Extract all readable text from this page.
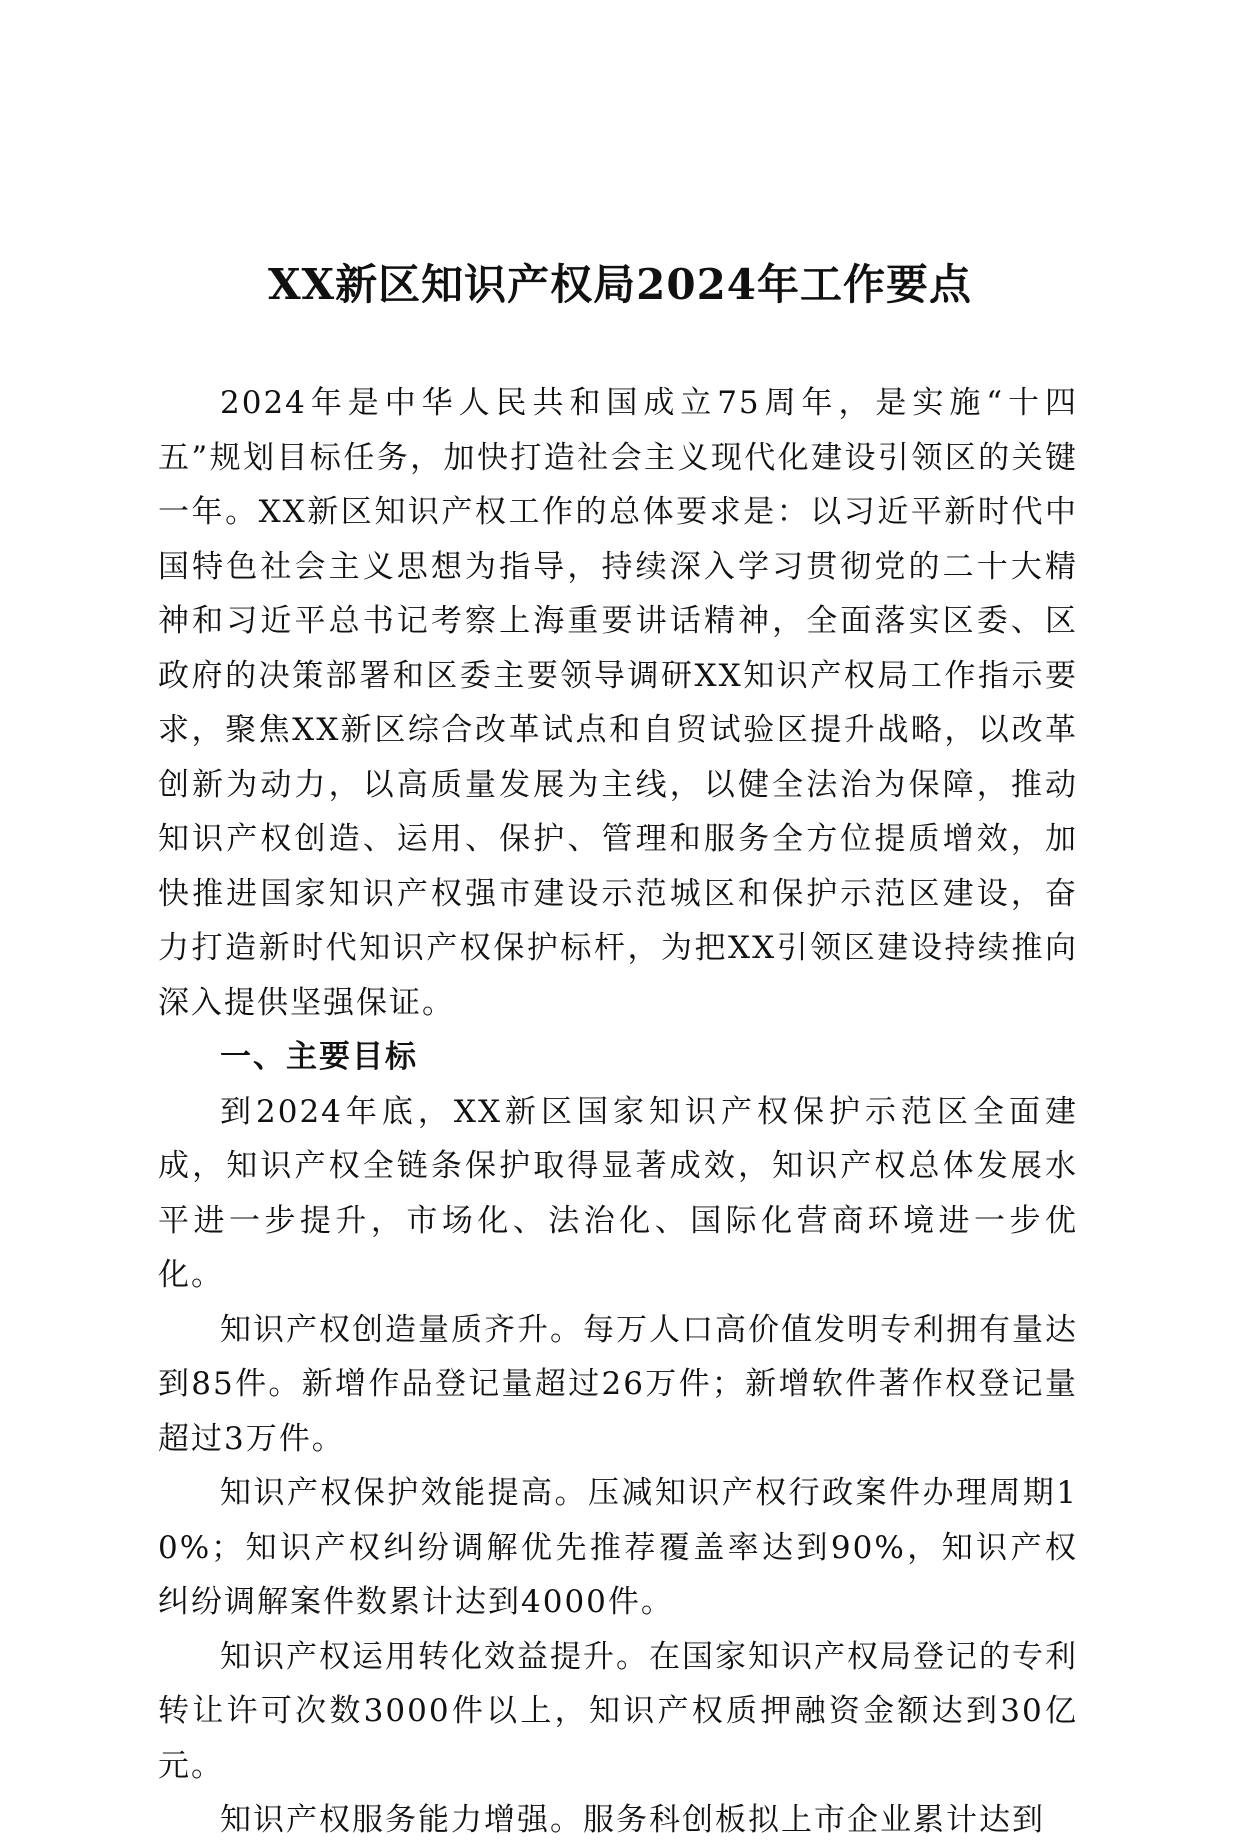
XX新区知识产权局2024年工作要点

2024年是中华人民共和国成立75周年，是实施“十四五”规划目标任务，加快打造社会主义现代化建设引领区的关键一年。XX新区知识产权工作的总体要求是：以习近平新时代中国特色社会主义思想为指导，持续深入学习贯彻党的二十大精神和习近平总书记考察上海重要讲话精神，全面落实区委、区政府的决策部署和区委主要领导调研XX知识产权局工作指示要求，聚焦XX新区综合改革试点和自贸试验区提升战略，以改革创新为动力，以高质量发展为主线，以健全法治为保障，推动知识产权创造、运用、保护、管理和服务全方位提质增效，加快推进国家知识产权强市建设示范城区和保护示范区建设，奋力打造新时代知识产权保护标杆，为把XX引领区建设持续推向深入提供坚强保证。

一、主要目标

到2024年底，XX新区国家知识产权保护示范区全面建成，知识产权全链条保护取得显著成效，知识产权总体发展水平进一步提升，市场化、法治化、国际化营商环境进一步优化。

知识产权创造量质齐升。每万人口高价值发明专利拥有量达到85件。新增作品登记量超过26万件；新增软件著作权登记量超过3万件。

知识产权保护效能提高。压减知识产权行政案件办理周期10%；知识产权纠纷调解优先推荐覆盖率达到90%，知识产权纠纷调解案件数累计达到4000件。

知识产权运用转化效益提升。在国家知识产权局登记的专利转让许可次数3000件以上，知识产权质押融资金额达到30亿元。

知识产权服务能力增强。服务科创板拟上市企业累计达到
